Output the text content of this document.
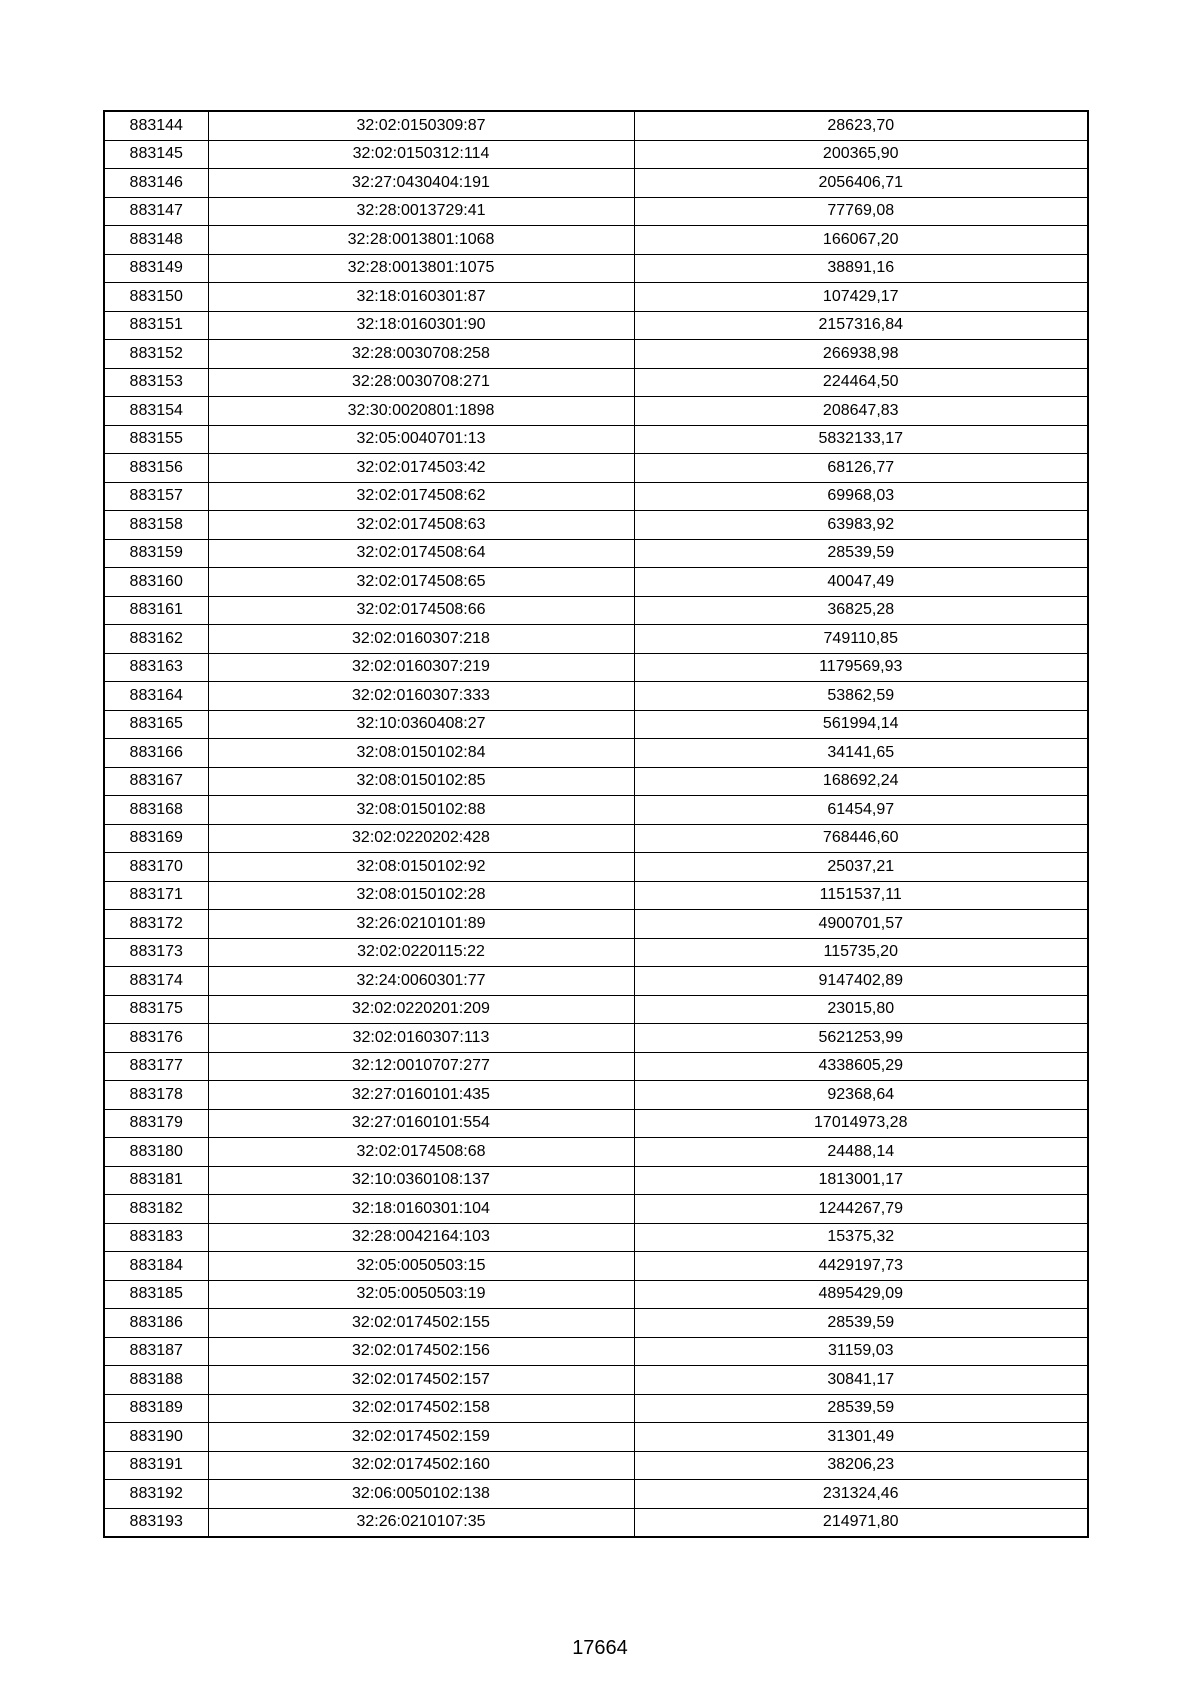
883144	32:02:0150309:87	28623,70
883145	32:02:0150312:114	200365,90
883146	32:27:0430404:191	2056406,71
883147	32:28:0013729:41	77769,08
883148	32:28:0013801:1068	166067,20
883149	32:28:0013801:1075	38891,16
883150	32:18:0160301:87	107429,17
883151	32:18:0160301:90	2157316,84
883152	32:28:0030708:258	266938,98
883153	32:28:0030708:271	224464,50
883154	32:30:0020801:1898	208647,83
883155	32:05:0040701:13	5832133,17
883156	32:02:0174503:42	68126,77
883157	32:02:0174508:62	69968,03
883158	32:02:0174508:63	63983,92
883159	32:02:0174508:64	28539,59
883160	32:02:0174508:65	40047,49
883161	32:02:0174508:66	36825,28
883162	32:02:0160307:218	749110,85
883163	32:02:0160307:219	1179569,93
883164	32:02:0160307:333	53862,59
883165	32:10:0360408:27	561994,14
883166	32:08:0150102:84	34141,65
883167	32:08:0150102:85	168692,24
883168	32:08:0150102:88	61454,97
883169	32:02:0220202:428	768446,60
883170	32:08:0150102:92	25037,21
883171	32:08:0150102:28	1151537,11
883172	32:26:0210101:89	4900701,57
883173	32:02:0220115:22	115735,20
883174	32:24:0060301:77	9147402,89
883175	32:02:0220201:209	23015,80
883176	32:02:0160307:113	5621253,99
883177	32:12:0010707:277	4338605,29
883178	32:27:0160101:435	92368,64
883179	32:27:0160101:554	17014973,28
883180	32:02:0174508:68	24488,14
883181	32:10:0360108:137	1813001,17
883182	32:18:0160301:104	1244267,79
883183	32:28:0042164:103	15375,32
883184	32:05:0050503:15	4429197,73
883185	32:05:0050503:19	4895429,09
883186	32:02:0174502:155	28539,59
883187	32:02:0174502:156	31159,03
883188	32:02:0174502:157	30841,17
883189	32:02:0174502:158	28539,59
883190	32:02:0174502:159	31301,49
883191	32:02:0174502:160	38206,23
883192	32:06:0050102:138	231324,46
883193	32:26:0210107:35	214971,80
17664
